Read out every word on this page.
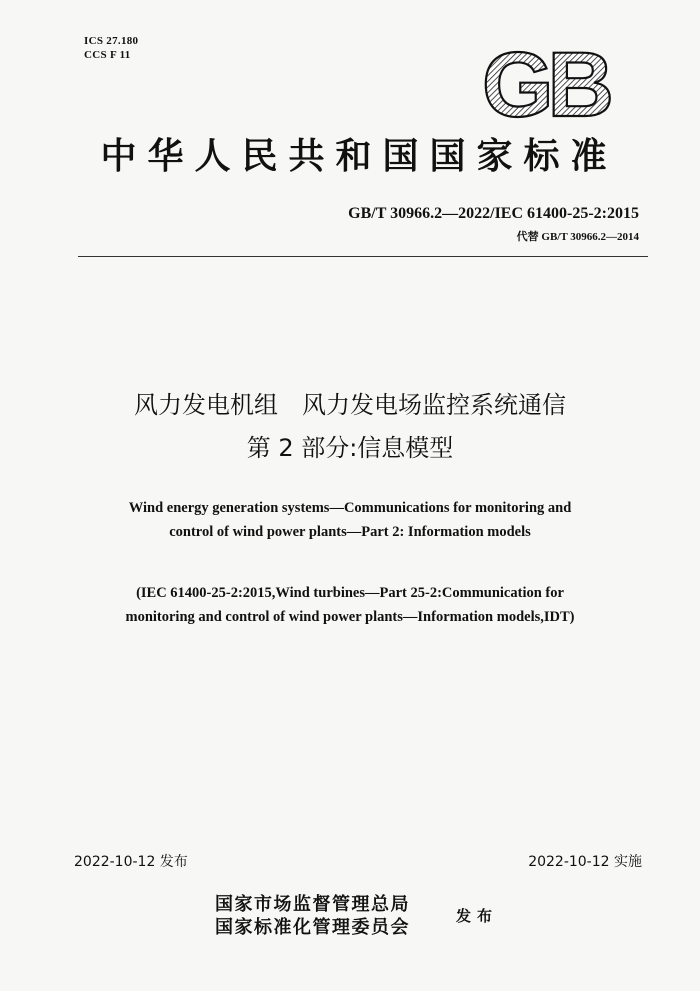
ICS 27.180
CCS F 11	GB
中华人民共和国国家标准
GB/T 30966.2—2022/IEC 61400-25-2:2015
代替 GB/T 30966.2—2014
风力发电机组　风力发电场监控系统通信
第 2 部分:信息模型
Wind energy generation systems—Communications for monitoring and
control of wind power plants—Part 2: Information models
(IEC 61400-25-2:2015,Wind turbines—Part 25-2:Communication for
monitoring and control of wind power plants—Information models,IDT)
2022-10-12 发布	2022-10-12 实施
国家市场监督管理总局
国家标准化管理委员会
发布
